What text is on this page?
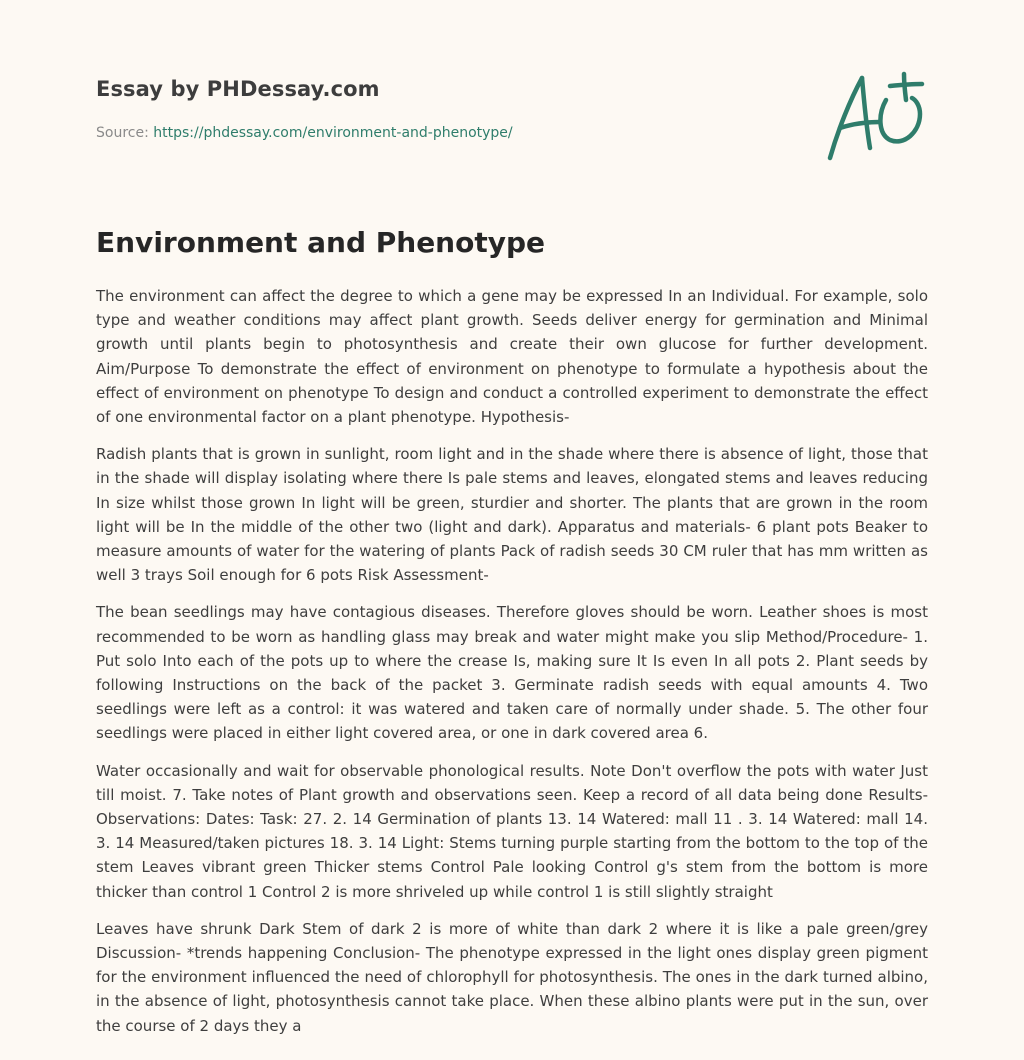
Essay by PHDessay.com
Source: https://phdessay.com/environment-and-phenotype/
Environment and Phenotype

The environment can affect the degree to which a gene may be expressed In an Individual. For example, solo type and weather conditions may affect plant growth. Seeds deliver energy for germination and Minimal growth until plants begin to photosynthesis and create their own glucose for further development. Aim/Purpose To demonstrate the effect of environment on phenotype to formulate a hypothesis about the effect of environment on phenotype To design and conduct a controlled experiment to demonstrate the effect of one environmental factor on a plant phenotype. Hypothesis-

Radish plants that is grown in sunlight, room light and in the shade where there is absence of light, those that in the shade will display isolating where there Is pale stems and leaves, elongated stems and leaves reducing In size whilst those grown In light will be green, sturdier and shorter. The plants that are grown in the room light will be In the middle of the other two (light and dark). Apparatus and materials- 6 plant pots Beaker to measure amounts of water for the watering of plants Pack of radish seeds 30 CM ruler that has mm written as well 3 trays Soil enough for 6 pots Risk Assessment-

The bean seedlings may have contagious diseases. Therefore gloves should be worn. Leather shoes is most recommended to be worn as handling glass may break and water might make you slip Method/Procedure- 1. Put solo Into each of the pots up to where the crease Is, making sure It Is even In all pots 2. Plant seeds by following Instructions on the back of the packet 3. Germinate radish seeds with equal amounts 4. Two seedlings were left as a control: it was watered and taken care of normally under shade. 5. The other four seedlings were placed in either light covered area, or one in dark covered area 6.

Water occasionally and wait for observable phonological results. Note Don't overflow the pots with water Just till moist. 7. Take notes of Plant growth and observations seen. Keep a record of all data being done Results- Observations: Dates: Task: 27. 2. 14 Germination of plants 13. 14 Watered: mall 11 . 3. 14 Watered: mall 14. 3. 14 Measured/taken pictures 18. 3. 14 Light: Stems turning purple starting from the bottom to the top of the stem Leaves vibrant green Thicker stems Control Pale looking Control g's stem from the bottom is more thicker than control 1 Control 2 is more shriveled up while control 1 is still slightly straight

Leaves have shrunk Dark Stem of dark 2 is more of white than dark 2 where it is like a pale green/grey Discussion- *trends happening Conclusion- The phenotype expressed in the light ones display green pigment for the environment influenced the need of chlorophyll for photosynthesis. The ones in the dark turned albino, in the absence of light, photosynthesis cannot take place. When these albino plants were put in the sun, over the course of 2 days they a
